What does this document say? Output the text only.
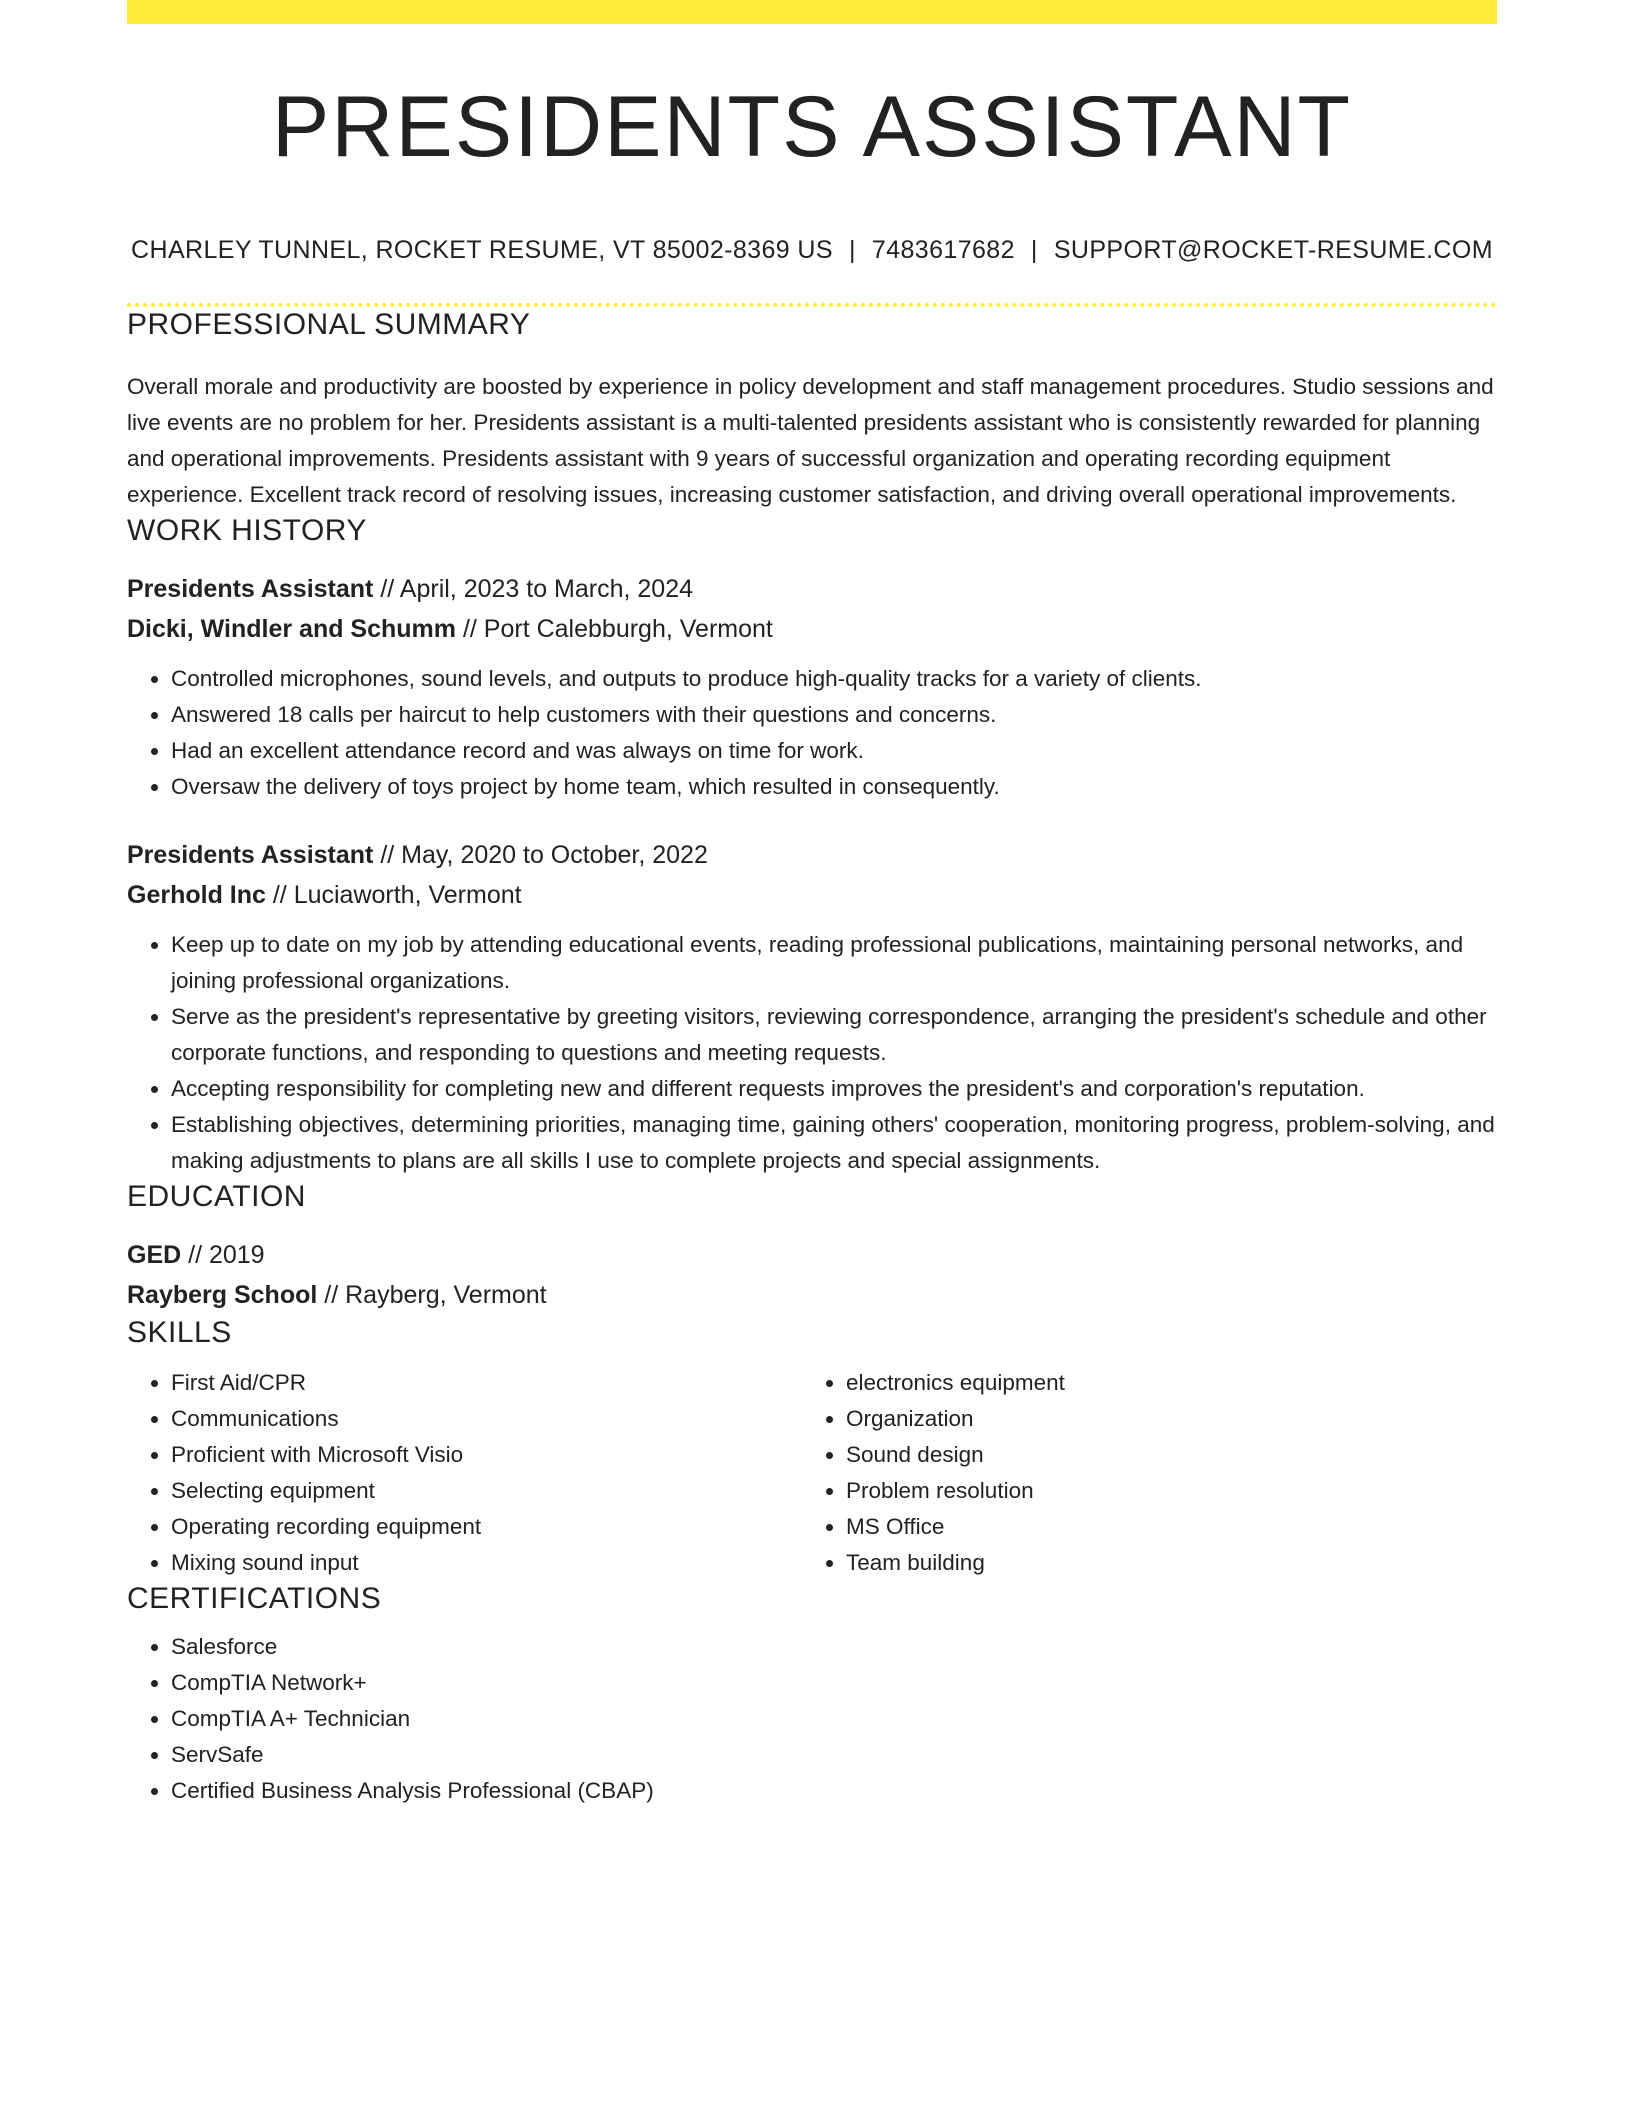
PRESIDENTS ASSISTANT
CHARLEY TUNNEL, ROCKET RESUME, VT 85002-8369 US | 7483617682 | SUPPORT@ROCKET-RESUME.COM
PROFESSIONAL SUMMARY

Overall morale and productivity are boosted by experience in policy development and staff management procedures. Studio sessions and live events are no problem for her. Presidents assistant is a multi-talented presidents assistant who is consistently rewarded for planning and operational improvements. Presidents assistant with 9 years of successful organization and operating recording equipment experience. Excellent track record of resolving issues, increasing customer satisfaction, and driving overall operational improvements.

WORK HISTORY
Presidents Assistant // April, 2023 to March, 2024
Dicki, Windler and Schumm // Port Calebburgh, Vermont
• Controlled microphones, sound levels, and outputs to produce high-quality tracks for a variety of clients.
• Answered 18 calls per haircut to help customers with their questions and concerns.
• Had an excellent attendance record and was always on time for work.
• Oversaw the delivery of toys project by home team, which resulted in consequently.
Presidents Assistant // May, 2020 to October, 2022
Gerhold Inc // Luciaworth, Vermont
• Keep up to date on my job by attending educational events, reading professional publications, maintaining personal networks, and joining professional organizations.
• Serve as the president's representative by greeting visitors, reviewing correspondence, arranging the president's schedule and other corporate functions, and responding to questions and meeting requests.
• Accepting responsibility for completing new and different requests improves the president's and corporation's reputation.
• Establishing objectives, determining priorities, managing time, gaining others' cooperation, monitoring progress, problem-solving, and making adjustments to plans are all skills I use to complete projects and special assignments.
EDUCATION
GED // 2019
Rayberg School // Rayberg, Vermont
SKILLS
• First Aid/CPR
• Communications
• Proficient with Microsoft Visio
• Selecting equipment
• Operating recording equipment
• Mixing sound input
• electronics equipment
• Organization
• Sound design
• Problem resolution
• MS Office
• Team building
CERTIFICATIONS
• Salesforce
• CompTIA Network+
• CompTIA A+ Technician
• ServSafe
• Certified Business Analysis Professional (CBAP)
